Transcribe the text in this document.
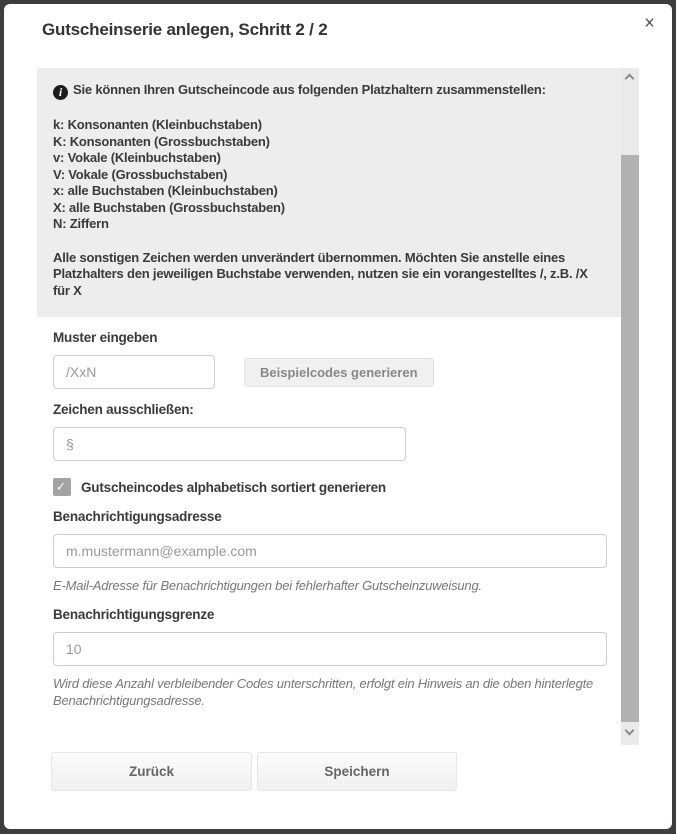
Gutscheinserie anlegen, Schritt 2 / 2	✕
i Sie können Ihren Gutscheincode aus folgenden Platzhaltern zusammenstellen:
k: Konsonanten (Kleinbuchstaben)
K: Konsonanten (Grossbuchstaben)
v: Vokale (Kleinbuchstaben)
V: Vokale (Grossbuchstaben)
x: alle Buchstaben (Kleinbuchstaben)
X: alle Buchstaben (Grossbuchstaben)
N: Ziffern
Alle sonstigen Zeichen werden unverändert übernommen. Möchten Sie anstelle eines Platzhalters den jeweiligen Buchstabe verwenden, nutzen sie ein vorangestelltes /, z.B. /X für X
Muster eingeben
/XxN
Beispielcodes generieren
Zeichen ausschließen:
§
✓
Gutscheincodes alphabetisch sortiert generieren
Benachrichtigungsadresse
m.mustermann@example.com
E-Mail-Adresse für Benachrichtigungen bei fehlerhafter Gutscheinzuweisung.
Benachrichtigungsgrenze
10
Wird diese Anzahl verbleibender Codes unterschritten, erfolgt ein Hinweis an die oben hinterlegte Benachrichtigungsadresse.
Zurück	Speichern
